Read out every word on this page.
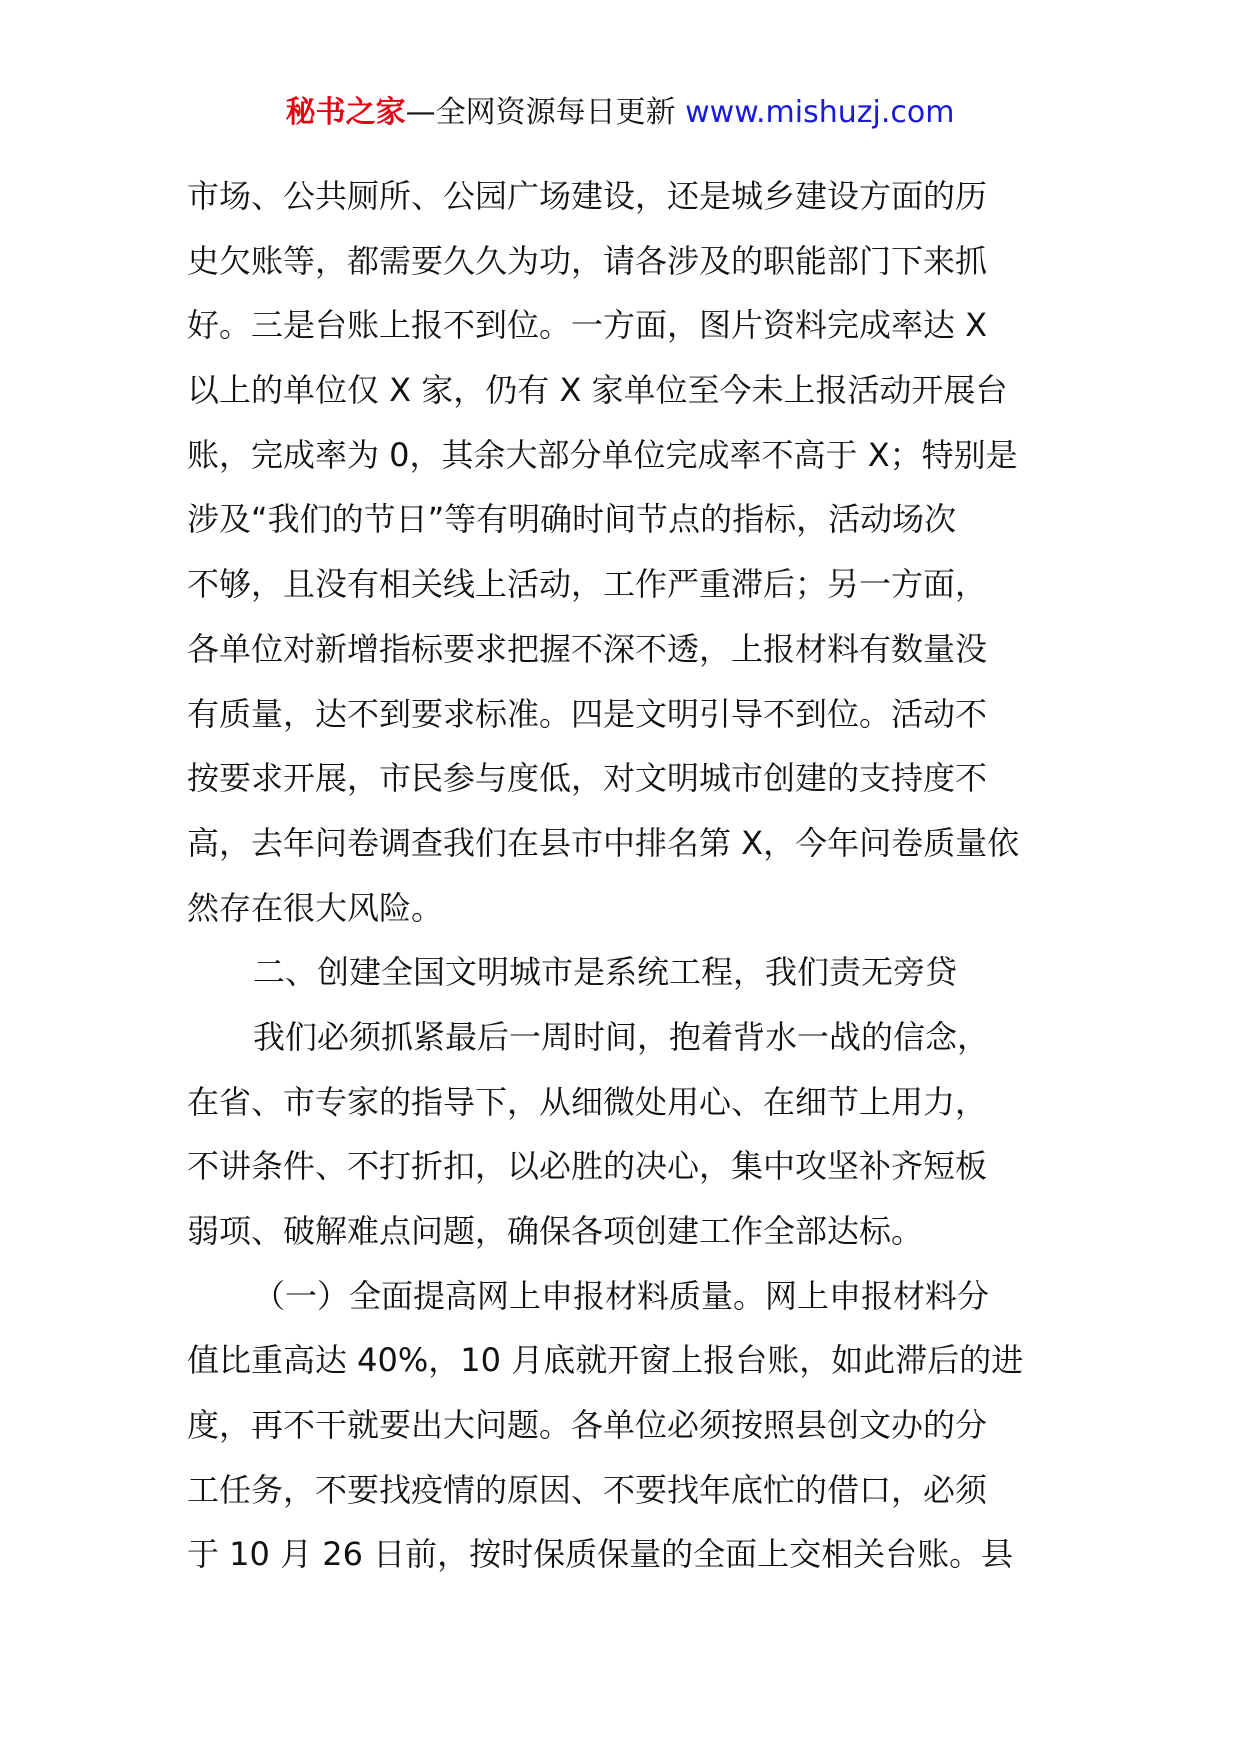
秘书之家—全网资源每日更新 www.mishuzj.com
市场、公共厕所、公园广场建设，还是城乡建设方面的历
史欠账等，都需要久久为功，请各涉及的职能部门下来抓
好。三是台账上报不到位。一方面，图片资料完成率达 X
以上的单位仅 X 家，仍有 X 家单位至今未上报活动开展台
账，完成率为 0，其余大部分单位完成率不高于 X；特别是
涉及“我们的节日”等有明确时间节点的指标，活动场次
不够，且没有相关线上活动，工作严重滞后；另一方面，
各单位对新增指标要求把握不深不透，上报材料有数量没
有质量，达不到要求标准。四是文明引导不到位。活动不
按要求开展，市民参与度低，对文明城市创建的支持度不
高，去年问卷调查我们在县市中排名第 X，今年问卷质量依
然存在很大风险。
二、创建全国文明城市是系统工程，我们责无旁贷
我们必须抓紧最后一周时间，抱着背水一战的信念，
在省、市专家的指导下，从细微处用心、在细节上用力，
不讲条件、不打折扣，以必胜的决心，集中攻坚补齐短板
弱项、破解难点问题，确保各项创建工作全部达标。
（一）全面提高网上申报材料质量。网上申报材料分
值比重高达 40%，10 月底就开窗上报台账，如此滞后的进
度，再不干就要出大问题。各单位必须按照县创文办的分
工任务，不要找疫情的原因、不要找年底忙的借口，必须
于 10 月 26 日前，按时保质保量的全面上交相关台账。县
